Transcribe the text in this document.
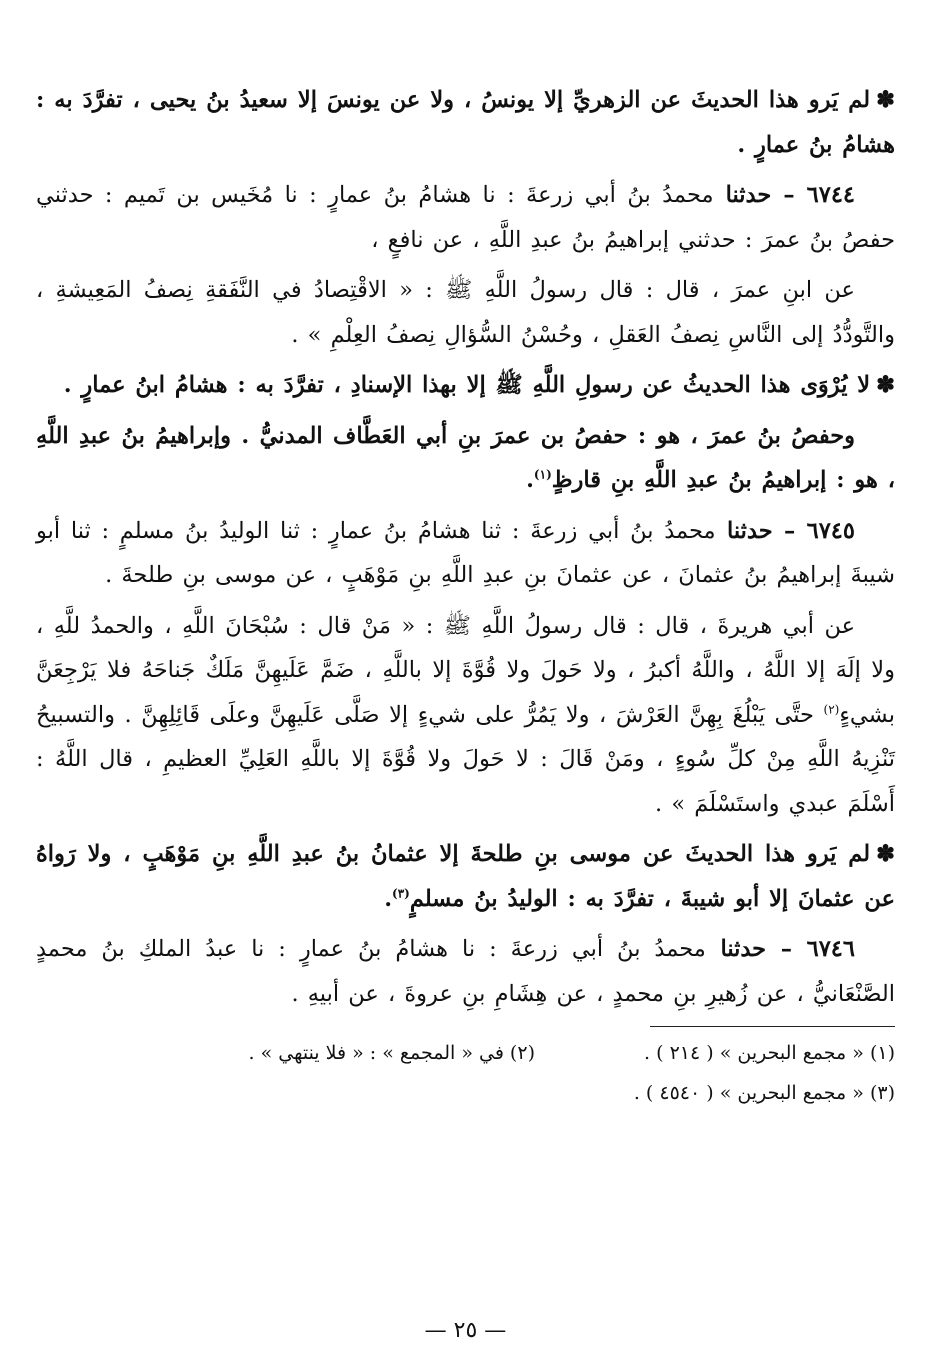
✽لم يَرو هذا الحديثَ عن الزهريِّ إلا يونسُ ، ولا عن يونسَ إلا سعيدُ بنُ يحيى ، تفرَّدَ به : هشامُ بنُ عمارٍ .

٦٧٤٤ – حدثنا محمدُ بنُ أبي زرعةَ : نا هشامُ بنُ عمارٍ : نا مُخَيس بن تَميم : حدثني حفصُ بنُ عمرَ : حدثني إبراهيمُ بنُ عبدِ اللَّهِ ، عن نافعٍ ،

عن ابنِ عمرَ ، قال : قال رسولُ اللَّهِ ﷺ : « الاقْتِصادُ في النَّفَقةِ نِصفُ المَعِيشةِ ، والتَّودُّدُ إلى النَّاسِ نِصفُ العَقلِ ، وحُسْنُ السُّؤالِ نِصفُ العِلْمِ » .

✽لا يُرْوَى هذا الحديثُ عن رسولِ اللَّهِ ﷺ إلا بهذا الإسنادِ ، تفرَّدَ به : هشامُ ابنُ عمارٍ .

وحفصُ بنُ عمرَ ، هو : حفصُ بن عمرَ بنِ أبي العَطَّاف المدنيُّ . وإبراهيمُ بنُ عبدِ اللَّهِ ، هو : إبراهيمُ بنُ عبدِ اللَّهِ بنِ قارظٍ$^{(١)}$.

٦٧٤٥ – حدثنا محمدُ بنُ أبي زرعةَ : ثنا هشامُ بنُ عمارٍ : ثنا الوليدُ بنُ مسلمٍ : ثنا أبو شيبةَ إبراهيمُ بنُ عثمانَ ، عن عثمانَ بنِ عبدِ اللَّهِ بنِ مَوْهَبٍ ، عن موسى بنِ طلحةَ .

عن أبي هريرةَ ، قال : قال رسولُ اللَّهِ ﷺ : « مَنْ قال : سُبْحَانَ اللَّهِ ، والحمدُ للَّهِ ، ولا إلَهَ إلا اللَّهُ ، واللَّهُ أكبرُ ، ولا حَولَ ولا قُوَّةَ إلا باللَّهِ ، ضَمَّ عَلَيهِنَّ مَلَكٌ جَناحَهُ فلا يَرْجِعَنَّ بشيءٍ$^{(٢)}$ حتَّى يَبْلُغَ بِهِنَّ العَرْشَ ، ولا يَمُرُّ على شيءٍ إلا صَلَّى عَلَيهِنَّ وعلَى قَائِلِهِنَّ . والتسبيحُ تَنْزِيهُ اللَّهِ مِنْ كلِّ سُوءٍ ، ومَنْ قَالَ : لا حَولَ ولا قُوَّةَ إلا باللَّهِ العَلِيِّ العظيمِ ، قال اللَّهُ : أَسْلَمَ عبدي واستَسْلَمَ » .

✽لم يَرو هذا الحديثَ عن موسى بنِ طلحةَ إلا عثمانُ بنُ عبدِ اللَّهِ بنِ مَوْهَبٍ ، ولا رَواهُ عن عثمانَ إلا أبو شيبةَ ، تفرَّدَ به : الوليدُ بنُ مسلمٍ$^{(٣)}$.

٦٧٤٦ – حدثنا محمدُ بنُ أبي زرعةَ : نا هشامُ بنُ عمارٍ : نا عبدُ الملكِ بنُ محمدٍ الصَّنْعَانيُّ ، عن زُهيرِ بنِ محمدٍ ، عن هِشَامِ بنِ عروةَ ، عن أبيهِ .

(١) « مجمع البحرين » ( ٢١٤ ) .
(٢) في « المجمع » : « فلا ينتهي » .
(٣) « مجمع البحرين » ( ٤٥٤٠ ) .
— ٢٥ —
